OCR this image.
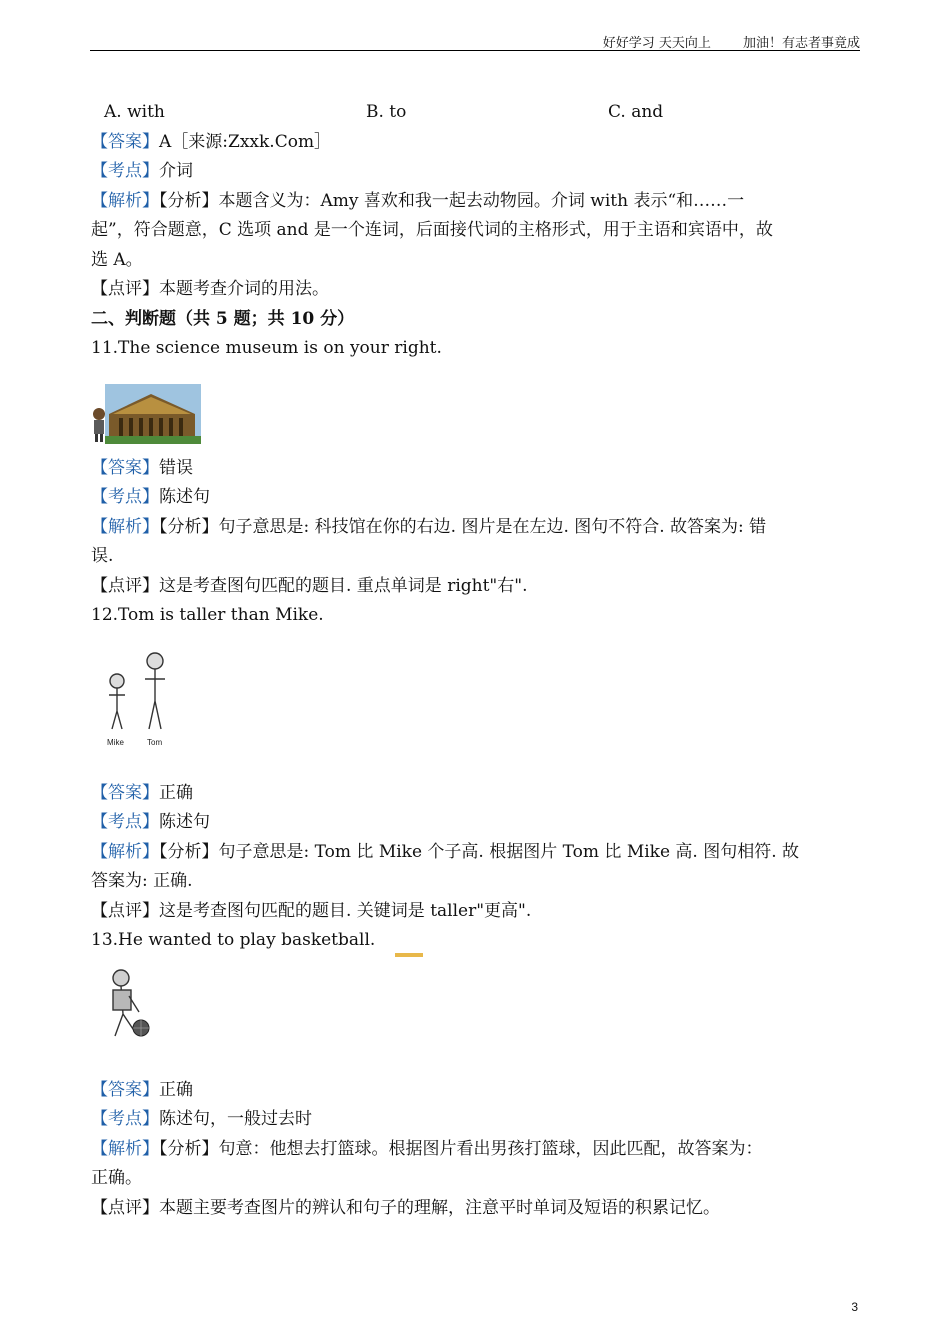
好好学习 天天向上 加油！有志者事竟成
A. with	B. to	C. and

【答案】A［来源:Zxxk.Com］

【考点】介词

【解析】【分析】本题含义为：Amy 喜欢和我一起去动物园。介词 with 表示“和……一

起”，符合题意，C 选项 and 是一个连词，后面接代词的主格形式，用于主语和宾语中，故

选 A。

【点评】本题考查介词的用法。

二、判断题（共 5 题；共 10 分）

11.The science museum is on your right.

【答案】错误

【考点】陈述句

【解析】【分析】句子意思是: 科技馆在你的右边. 图片是在左边. 图句不符合. 故答案为: 错

误.

【点评】这是考查图句匹配的题目. 重点单词是 right"右".

12.Tom is taller than Mike.

Mike	Tom

【答案】正确

【考点】陈述句

【解析】【分析】句子意思是: Tom 比 Mike 个子高. 根据图片 Tom 比 Mike 高. 图句相符. 故

答案为: 正确.

【点评】这是考查图句匹配的题目. 关键词是 taller"更高".

13.He wanted to play basketball.

【答案】正确

【考点】陈述句，一般过去时

【解析】【分析】句意：他想去打篮球。根据图片看出男孩打篮球，因此匹配，故答案为：

正确。

【点评】本题主要考查图片的辨认和句子的理解，注意平时单词及短语的积累记忆。

3
